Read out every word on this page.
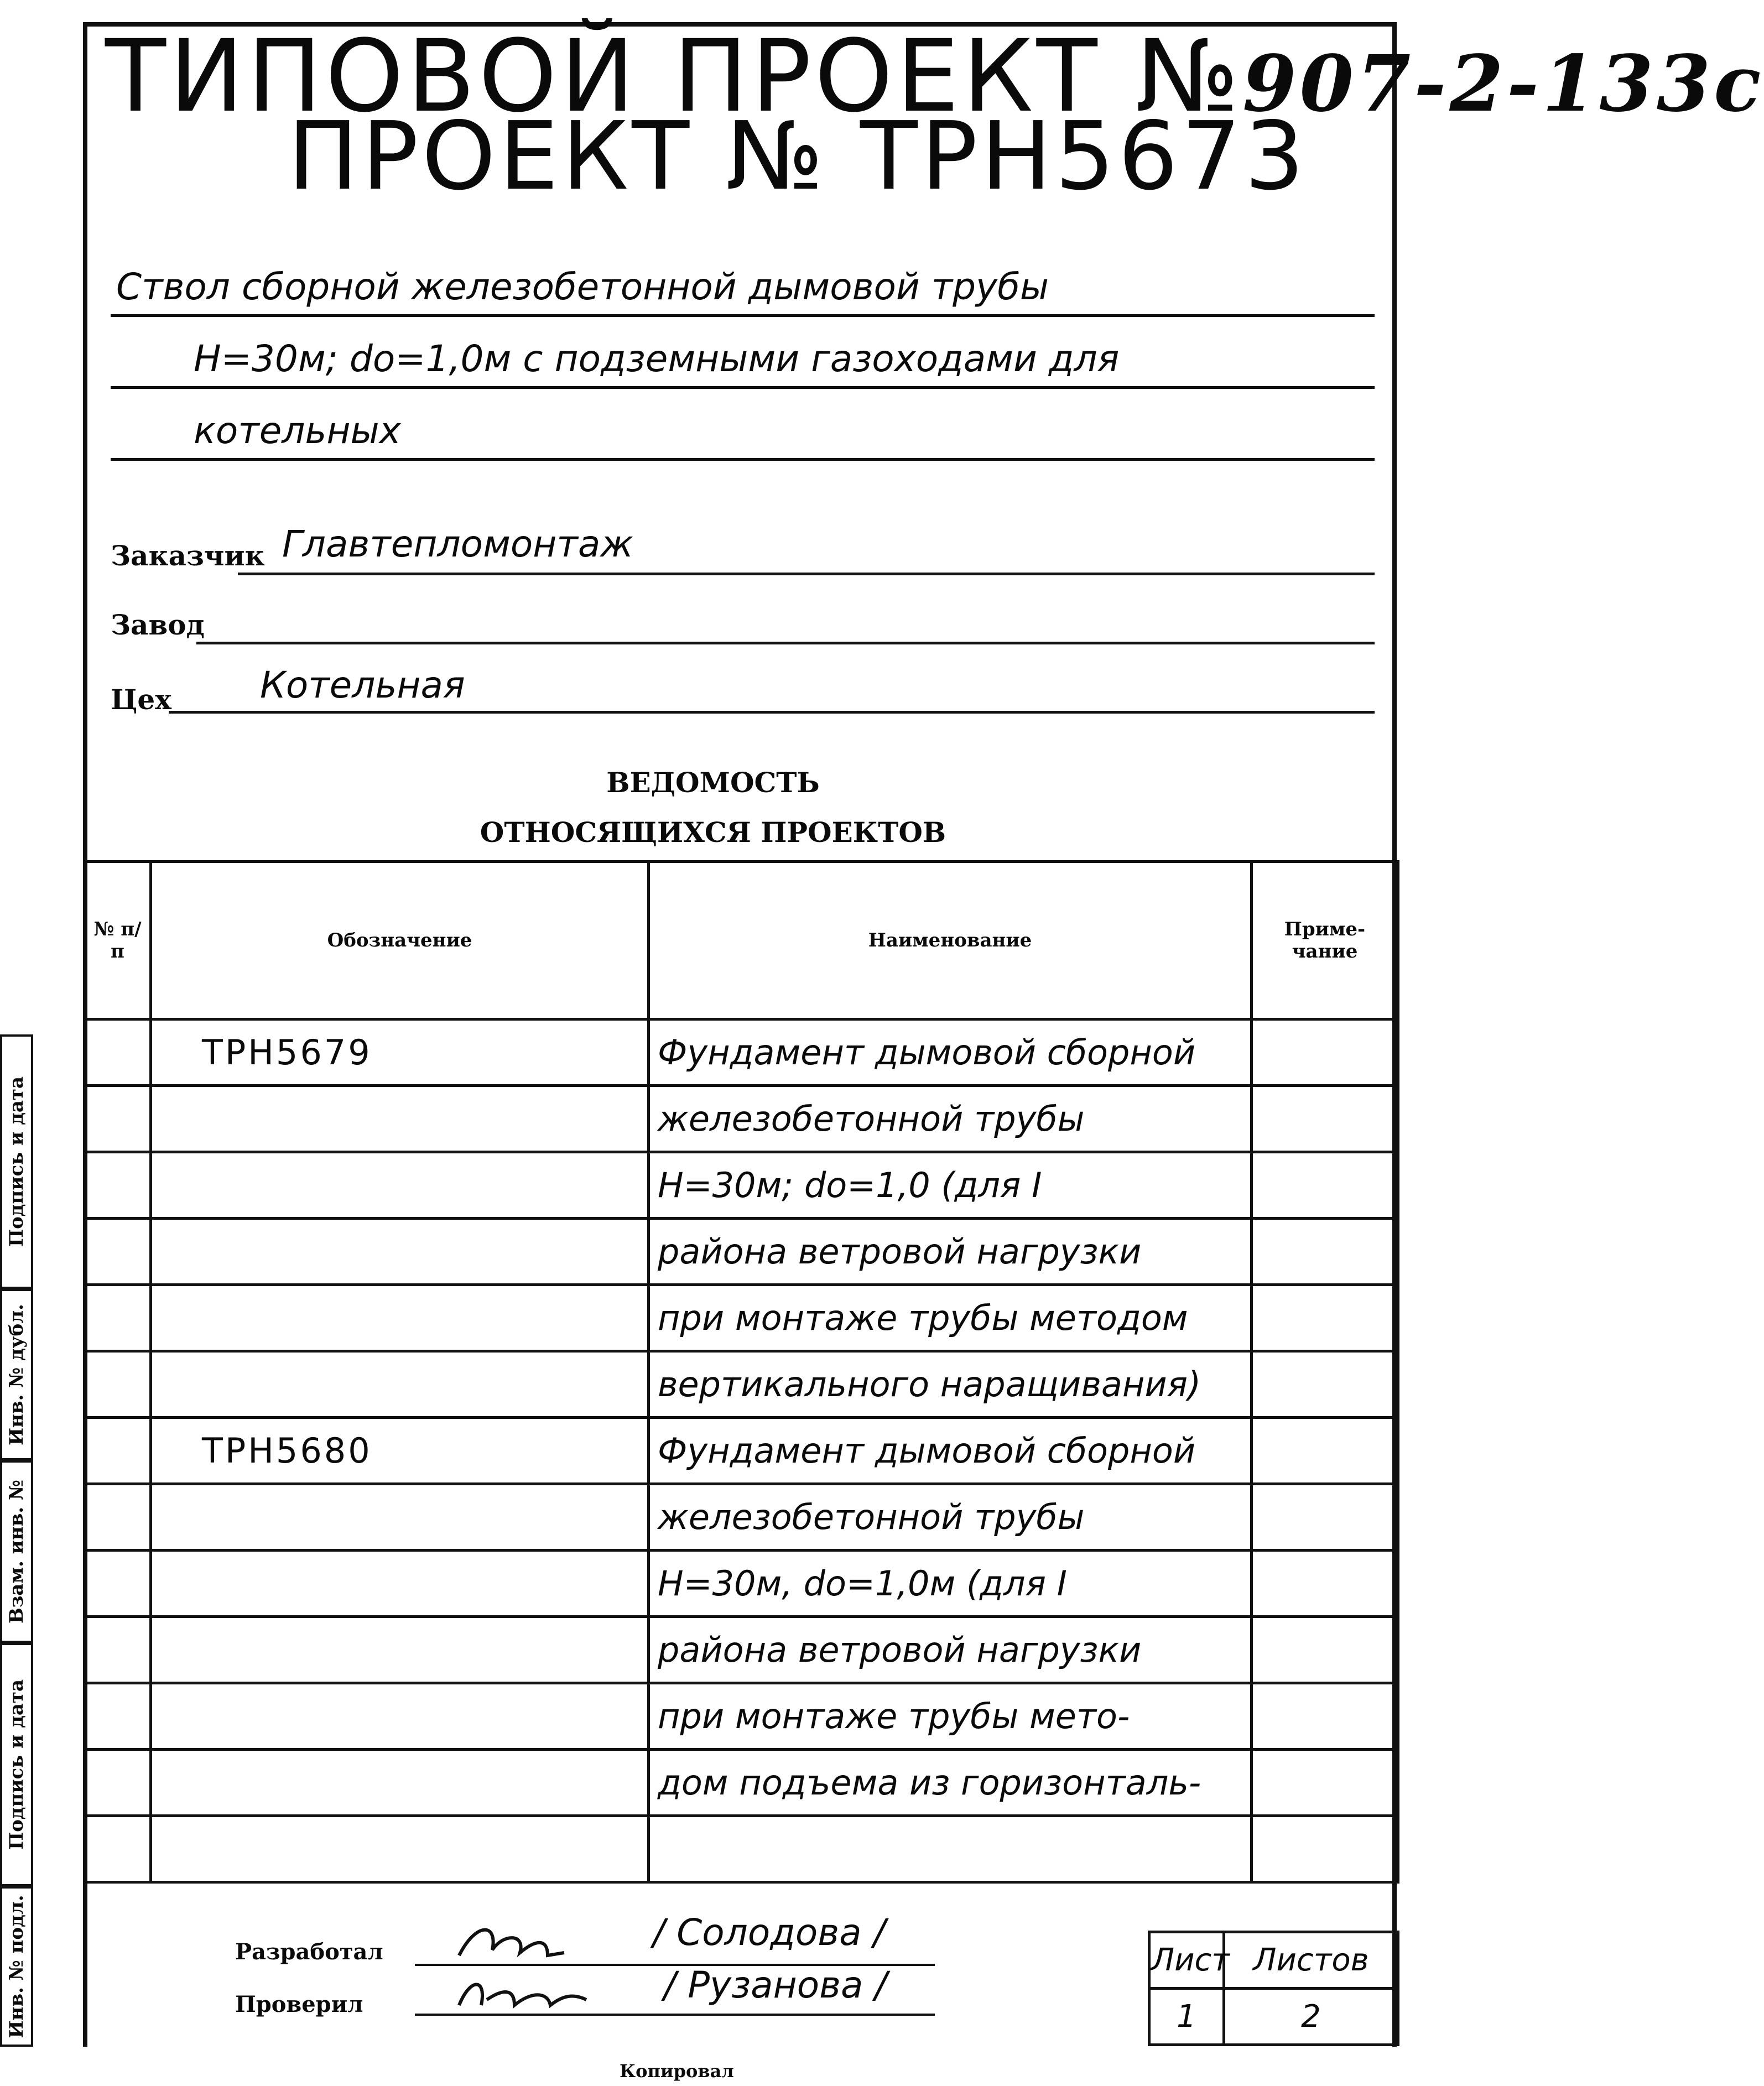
ТИПОВОЙ ПРОЕКТ №907-2-133с
ПРОЕКТ № ТРН5673
Ствол сборной железобетонной дымовой трубы
Н=30м; dо=1,0м с подземными газоходами для
котельных
Заказчик Главтепломонтаж
Завод
Цех Котельная
ВЕДОМОСТЬ
ОТНОСЯЩИХСЯ ПРОЕКТОВ
№ п/п	Обозначение	Наименование	Приме-чание
	ТРН5679	Фундамент дымовой сборной	
		железобетонной трубы	
		Н=30м; dо=1,0 (для I	
		района ветровой нагрузки	
		при монтаже трубы методом	
		вертикального наращивания)	
	ТРН5680	Фундамент дымовой сборной	
		железобетонной трубы	
		Н=30м, dо=1,0м (для I	
		района ветровой нагрузки	
		при монтаже трубы мето-	
		дом подъема из горизонталь-	

Подпись и дата
Инв. № дубл.
Взам. инв. №
Подпись и дата
Инв. № подл.	Разработал	/ Солодова /
Проверил	/ Рузанова /
Лист	Листов
1	2
Копировал
